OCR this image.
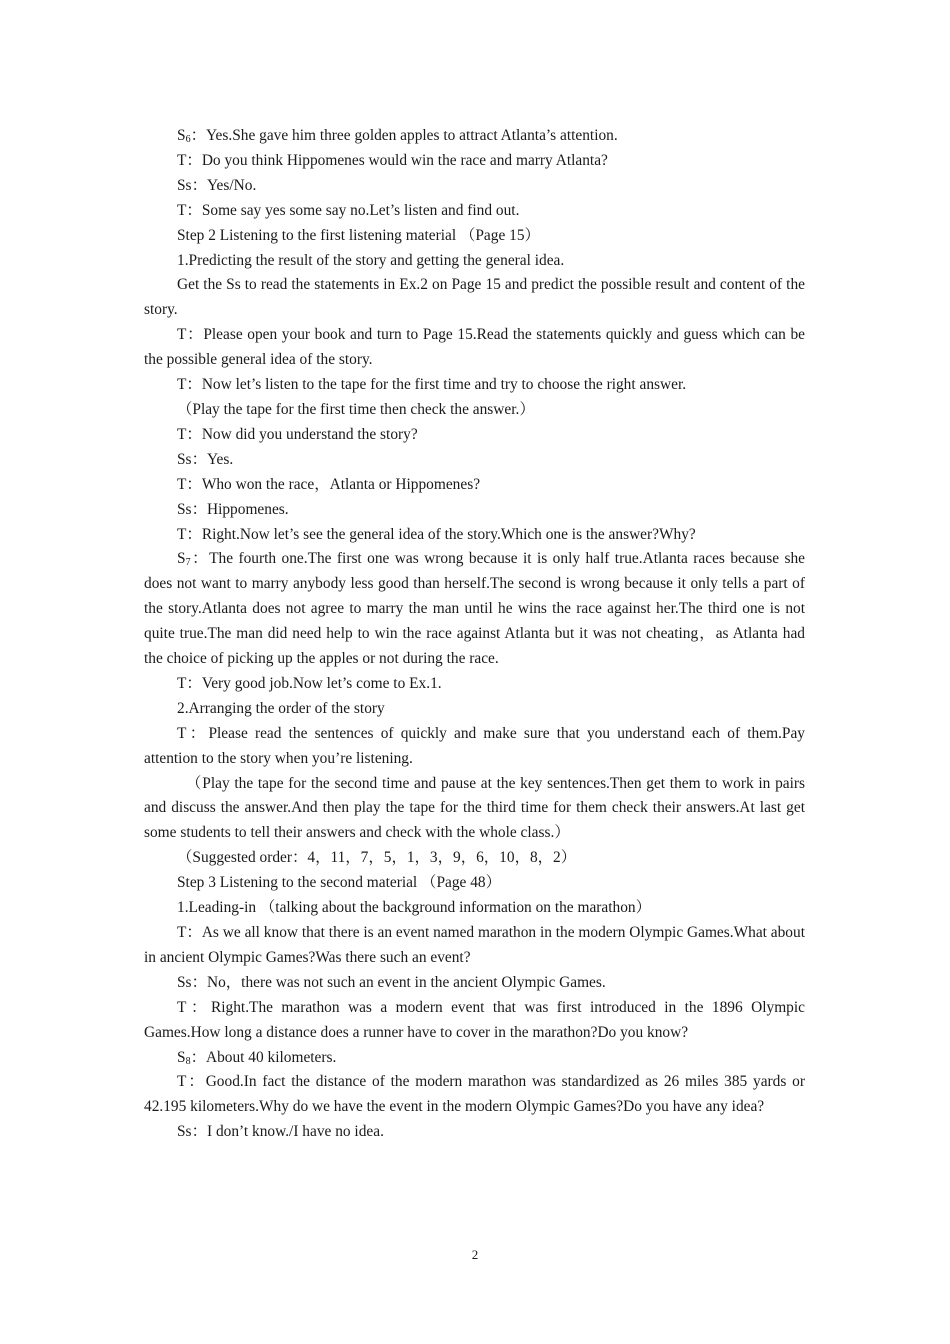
$S_6$：Yes.She gave him three golden apples to attract Atlanta’s attention.

T：Do you think Hippomenes would win the race and marry Atlanta?

Ss：Yes/No.

T：Some say yes some say no.Let’s listen and find out.

Step 2 Listening to the first listening material （Page 15）

1.Predicting the result of the story and getting the general idea.

Get the Ss to read the statements in Ex.2 on Page 15 and predict the possible result and content of the story.

T：Please open your book and turn to Page 15.Read the statements quickly and guess which can be the possible general idea of the story.

T：Now let’s listen to the tape for the first time and try to choose the right answer.

（Play the tape for the first time then check the answer.）

T：Now did you understand the story?

Ss：Yes.

T：Who won the race，Atlanta or Hippomenes?

Ss：Hippomenes.

T：Right.Now let’s see the general idea of the story.Which one is the answer?Why?

$S_7$：The fourth one.The first one was wrong because it is only half true.Atlanta races because she does not want to marry anybody less good than herself.The second is wrong because it only tells a part of the story.Atlanta does not agree to marry the man until he wins the race against her.The third one is not quite true.The man did need help to win the race against Atlanta but it was not cheating，as Atlanta had the choice of picking up the apples or not during the race.

T：Very good job.Now let’s come to Ex.1.

2.Arranging the order of the story

T：Please read the sentences of quickly and make sure that you understand each of them.Pay attention to the story when you’re listening.

（Play the tape for the second time and pause at the key sentences.Then get them to work in pairs and discuss the answer.And then play the tape for the third time for them check their answers.At last get some students to tell their answers and check with the whole class.）

（Suggested order：4，11，7，5，1，3，9，6，10，8，2）

Step 3 Listening to the second material （Page 48）

1.Leading-in （talking about the background information on the marathon）

T：As we all know that there is an event named marathon in the modern Olympic Games.What about in ancient Olympic Games?Was there such an event?

Ss：No，there was not such an event in the ancient Olympic Games.

T：Right.The marathon was a modern event that was first introduced in the 1896 Olympic Games.How long a distance does a runner have to cover in the marathon?Do you know?

$S_8$：About 40 kilometers.

T：Good.In fact the distance of the modern marathon was standardized as 26 miles 385 yards or 42.195 kilometers.Why do we have the event in the modern Olympic Games?Do you have any idea?

Ss：I don’t know./I have no idea.

2
